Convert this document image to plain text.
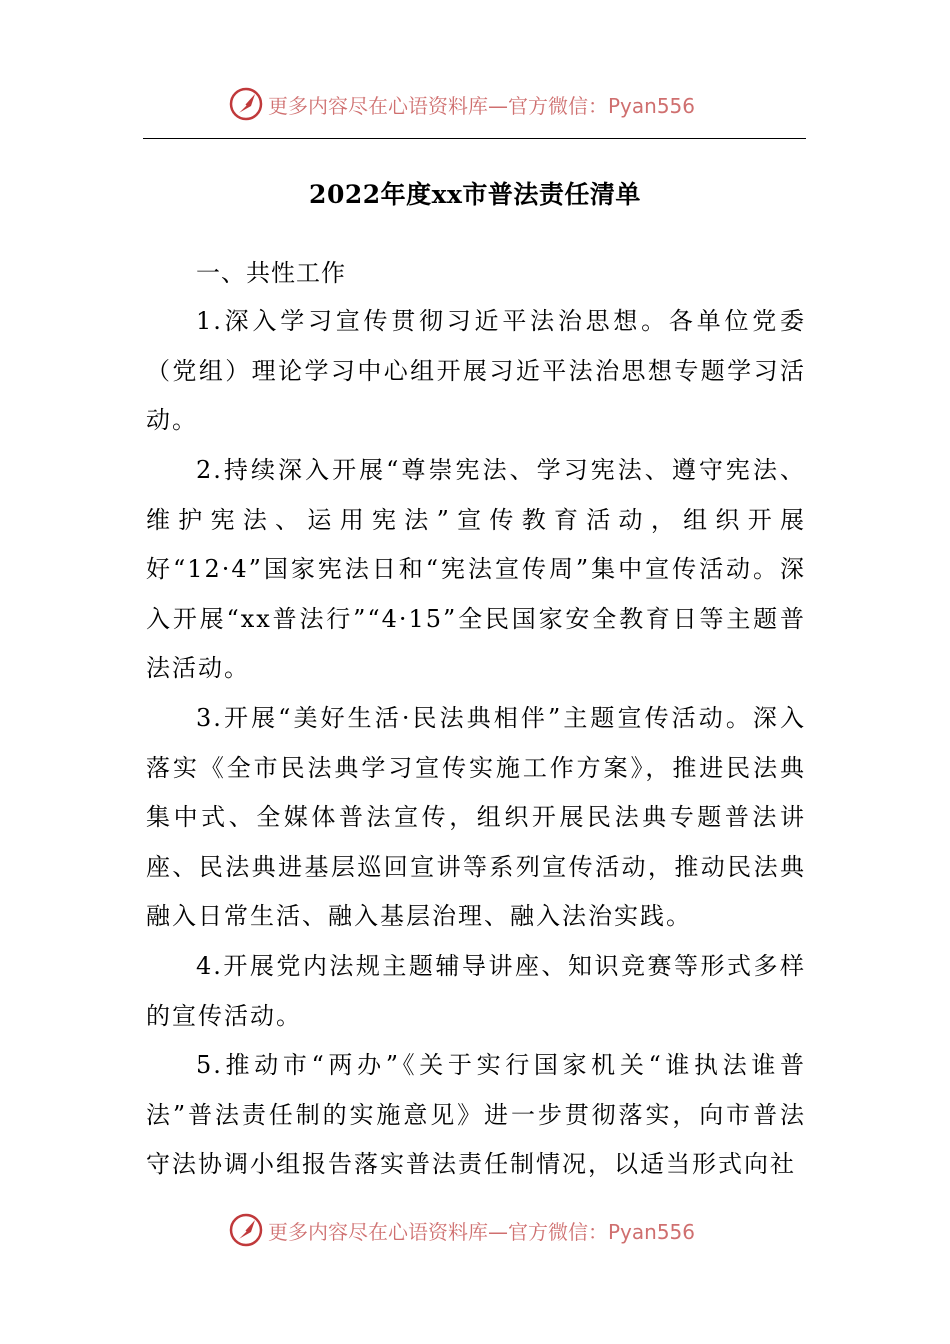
更多内容尽在心语资料库—官方微信：Pyan556
2022年度xx市普法责任清单
一、共性工作

1.深入学习宣传贯彻习近平法治思想。各单位党委（党组）理论学习中心组开展习近平法治思想专题学习活动。

2.持续深入开展“尊崇宪法、学习宪法、遵守宪法、维护宪法、运用宪法”宣传教育活动，组织开展好“12·4”国家宪法日和“宪法宣传周”集中宣传活动。深入开展“xx普法行”“4·15”全民国家安全教育日等主题普法活动。

3.开展“美好生活·民法典相伴”主题宣传活动。深入落实《全市民法典学习宣传实施工作方案》，推进民法典集中式、全媒体普法宣传，组织开展民法典专题普法讲座、民法典进基层巡回宣讲等系列宣传活动，推动民法典融入日常生活、融入基层治理、融入法治实践。

4.开展党内法规主题辅导讲座、知识竞赛等形式多样的宣传活动。

5.推动市“两办”《关于实行国家机关“谁执法谁普法”普法责任制的实施意见》进一步贯彻落实，向市普法守法协调小组报告落实普法责任制情况，以适当形式向社

更多内容尽在心语资料库—官方微信：Pyan556
